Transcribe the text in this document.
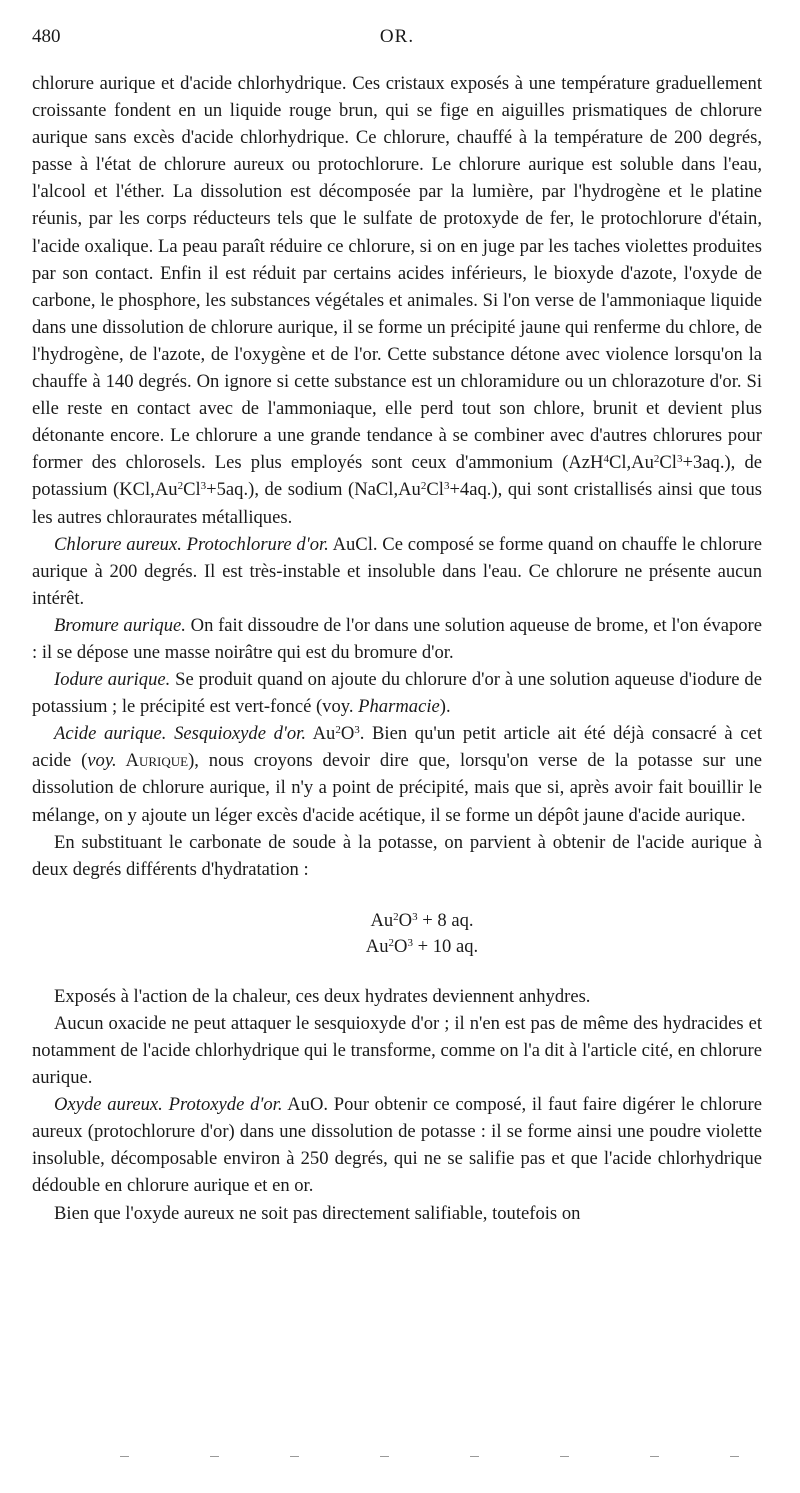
480	OR.

chlorure aurique et d'acide chlorhydrique. Ces cristaux exposés à une température graduellement croissante fondent en un liquide rouge brun, qui se fige en aiguilles prismatiques de chlorure aurique sans excès d'acide chlorhydrique. Ce chlorure, chauffé à la température de 200 degrés, passe à l'état de chlorure aureux ou protochlorure. Le chlorure aurique est soluble dans l'eau, l'alcool et l'éther. La dissolution est décomposée par la lumière, par l'hydrogène et le platine réunis, par les corps réducteurs tels que le sulfate de protoxyde de fer, le protochlorure d'étain, l'acide oxalique. La peau paraît réduire ce chlorure, si on en juge par les taches violettes produites par son contact. Enfin il est réduit par certains acides inférieurs, le bioxyde d'azote, l'oxyde de carbone, le phosphore, les substances végétales et animales. Si l'on verse de l'ammoniaque liquide dans une dissolution de chlorure aurique, il se forme un précipité jaune qui renferme du chlore, de l'hydrogène, de l'azote, de l'oxygène et de l'or. Cette substance détone avec violence lorsqu'on la chauffe à 140 degrés. On ignore si cette substance est un chloramidure ou un chlorazoture d'or. Si elle reste en contact avec de l'ammoniaque, elle perd tout son chlore, brunit et devient plus détonante encore. Le chlorure a une grande tendance à se combiner avec d'autres chlorures pour former des chlorosels. Les plus employés sont ceux d'ammonium $(AzH^4Cl,Au^2Cl^3+3aq.)$, de potassium $(KCl,Au^2Cl^3+5aq.)$, de sodium $(NaCl,Au^2Cl^3+4aq.)$, qui sont cristallisés ainsi que tous les autres chloraurates métalliques.

Chlorure aureux. Protochlorure d'or. AuCl. Ce composé se forme quand on chauffe le chlorure aurique à 200 degrés. Il est très-instable et insoluble dans l'eau. Ce chlorure ne présente aucun intérêt.

Bromure aurique. On fait dissoudre de l'or dans une solution aqueuse de brome, et l'on évapore : il se dépose une masse noirâtre qui est du bromure d'or.

Iodure aurique. Se produit quand on ajoute du chlorure d'or à une solution aqueuse d'iodure de potassium ; le précipité est vert-foncé (voy. Pharmacie).

Acide aurique. Sesquioxyde d'or. $Au^2O^3$. Bien qu'un petit article ait été déjà consacré à cet acide (voy. Aurique), nous croyons devoir dire que, lorsqu'on verse de la potasse sur une dissolution de chlorure aurique, il n'y a point de précipité, mais que si, après avoir fait bouillir le mélange, on y ajoute un léger excès d'acide acétique, il se forme un dépôt jaune d'acide aurique.

En substituant le carbonate de soude à la potasse, on parvient à obtenir de l'acide aurique à deux degrés différents d'hydratation :

$Au^2O^3 + 8$ aq.
$Au^2O^3 + 10$ aq.

Exposés à l'action de la chaleur, ces deux hydrates deviennent anhydres.

Aucun oxacide ne peut attaquer le sesquioxyde d'or ; il n'en est pas de même des hydracides et notamment de l'acide chlorhydrique qui le transforme, comme on l'a dit à l'article cité, en chlorure aurique.

Oxyde aureux. Protoxyde d'or. AuO. Pour obtenir ce composé, il faut faire digérer le chlorure aureux (protochlorure d'or) dans une dissolution de potasse : il se forme ainsi une poudre violette insoluble, décomposable environ à 250 degrés, qui ne se salifie pas et que l'acide chlorhydrique dédouble en chlorure aurique et en or.

Bien que l'oxyde aureux ne soit pas directement salifiable, toutefois on
